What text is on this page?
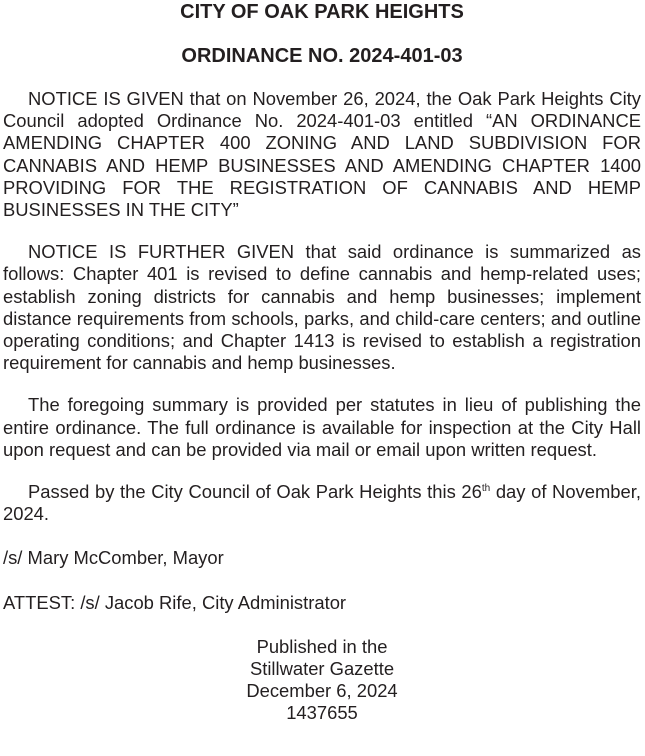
CITY OF OAK PARK HEIGHTS
ORDINANCE NO. 2024-401-03

NOTICE IS GIVEN that on November 26, 2024, the Oak Park Heights City Council adopted Ordinance No. 2024-401-03 entitled “AN ORDINANCE AMENDING CHAPTER 400 ZONING AND LAND SUBDIVISION FOR CANNABIS AND HEMP BUSINESSES AND AMENDING CHAPTER 1400 PROVIDING FOR THE REGISTRATION OF CANNABIS AND HEMP BUSINESSES IN THE CITY”

NOTICE IS FURTHER GIVEN that said ordinance is summarized as follows: Chapter 401 is revised to define cannabis and hemp-related uses; establish zoning districts for cannabis and hemp businesses; implement distance requirements from schools, parks, and child-care centers; and outline operating conditions; and Chapter 1413 is revised to establish a registration requirement for cannabis and hemp businesses.

The foregoing summary is provided per statutes in lieu of publishing the entire ordinance. The full ordinance is available for inspection at the City Hall upon request and can be provided via mail or email upon written request.

Passed by the City Council of Oak Park Heights this 26th day of November, 2024.

/s/ Mary McComber, Mayor

ATTEST: /s/ Jacob Rife, City Administrator

Published in the
Stillwater Gazette
December 6, 2024
1437655
